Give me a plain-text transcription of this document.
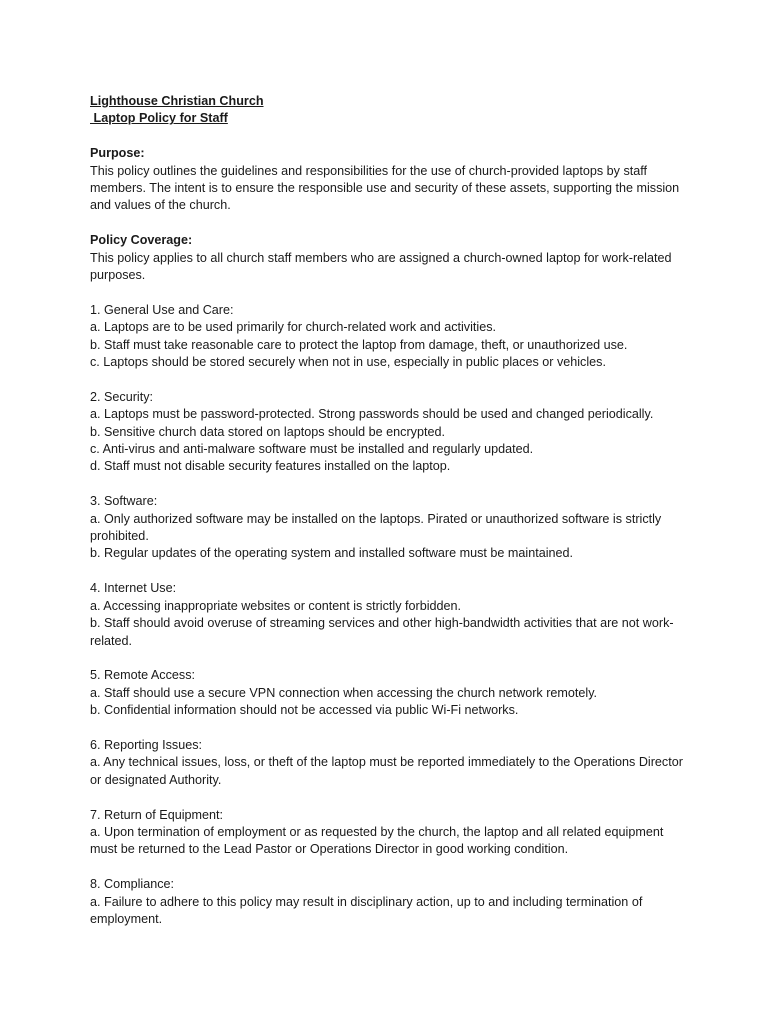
Lighthouse Christian Church
Laptop Policy for Staff
Purpose:

This policy outlines the guidelines and responsibilities for the use of church-provided laptops by staff members. The intent is to ensure the responsible use and security of these assets, supporting the mission and values of the church.

Policy Coverage:

This policy applies to all church staff members who are assigned a church-owned laptop for work-related purposes.

1. General Use and Care:

a. Laptops are to be used primarily for church-related work and activities.

b. Staff must take reasonable care to protect the laptop from damage, theft, or unauthorized use.

c. Laptops should be stored securely when not in use, especially in public places or vehicles.

2. Security:

a. Laptops must be password-protected. Strong passwords should be used and changed periodically.

b. Sensitive church data stored on laptops should be encrypted.

c. Anti-virus and anti-malware software must be installed and regularly updated.

d. Staff must not disable security features installed on the laptop.

3. Software:

a. Only authorized software may be installed on the laptops. Pirated or unauthorized software is strictly prohibited.

b. Regular updates of the operating system and installed software must be maintained.

4. Internet Use:

a. Accessing inappropriate websites or content is strictly forbidden.

b. Staff should avoid overuse of streaming services and other high-bandwidth activities that are not work-related.

5. Remote Access:

a. Staff should use a secure VPN connection when accessing the church network remotely.

b. Confidential information should not be accessed via public Wi-Fi networks.

6. Reporting Issues:

a. Any technical issues, loss, or theft of the laptop must be reported immediately to the Operations Director or designated Authority.

7. Return of Equipment:

a. Upon termination of employment or as requested by the church, the laptop and all related equipment must be returned to the Lead Pastor or Operations Director in good working condition.

8. Compliance:

a. Failure to adhere to this policy may result in disciplinary action, up to and including termination of employment.
